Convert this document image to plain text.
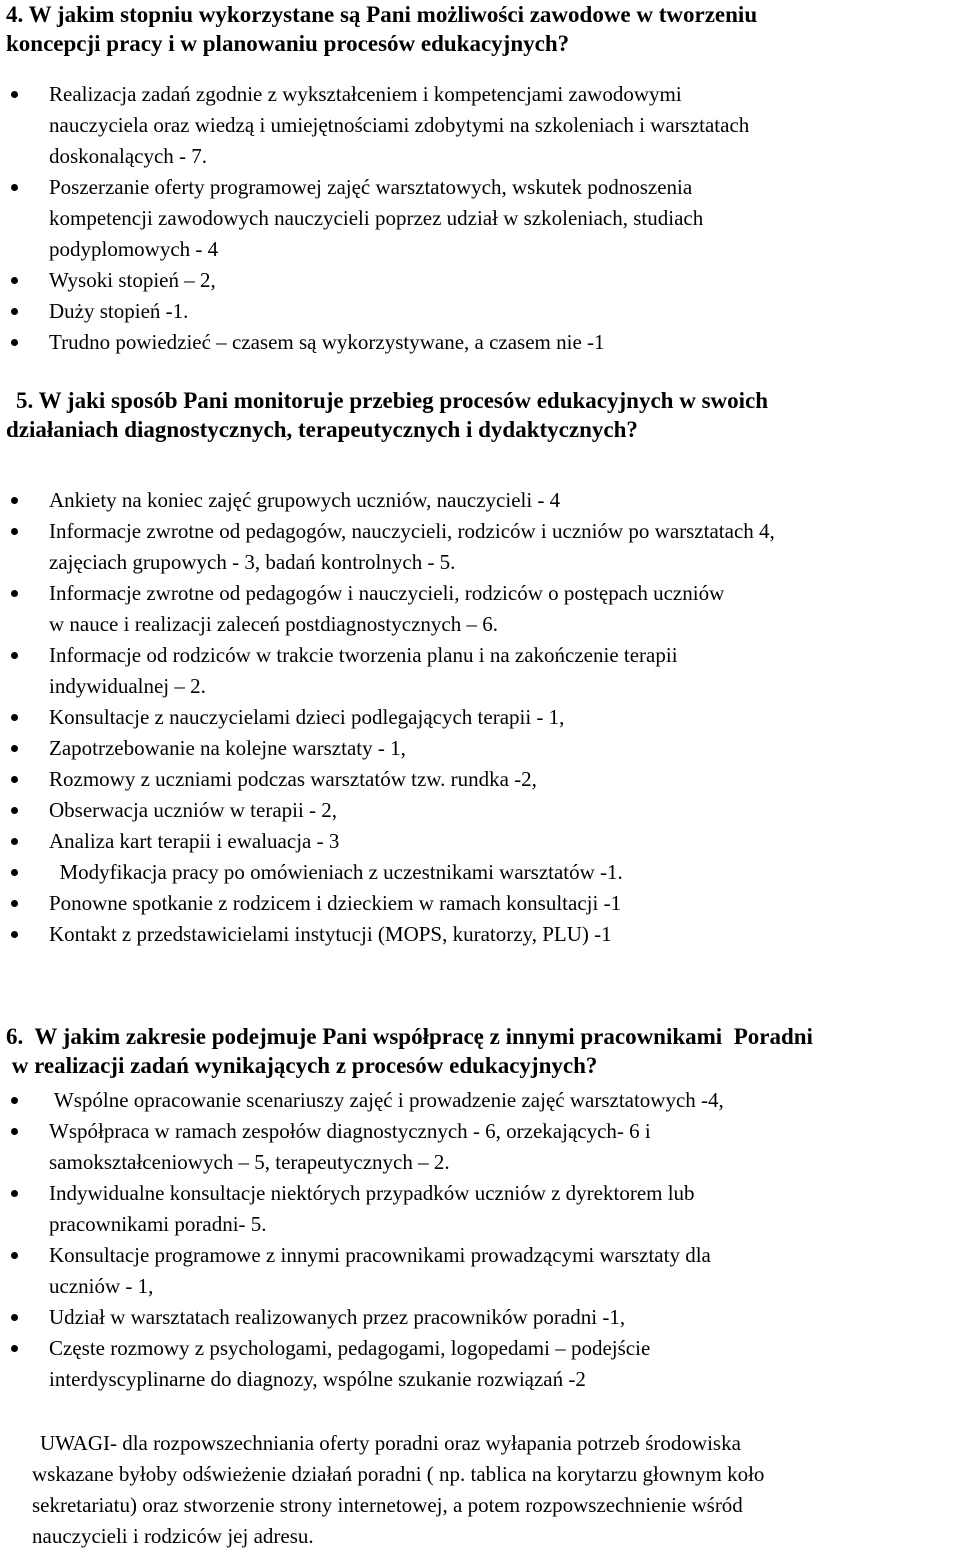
4. W jakim stopniu wykorzystane są Pani możliwości zawodowe w tworzeniu
koncepcji pracy i w planowaniu procesów edukacyjnych?
Realizacja zadań zgodnie z wykształceniem i kompetencjami zawodowymi
nauczyciela oraz wiedzą i umiejętnościami zdobytymi na szkoleniach i warsztatach
doskonalących - 7.
Poszerzanie oferty programowej zajęć warsztatowych, wskutek podnoszenia
kompetencji zawodowych nauczycieli poprzez udział w szkoleniach, studiach
podyplomowych - 4
Wysoki stopień – 2,
Duży stopień -1.
Trudno powiedzieć – czasem są wykorzystywane, a czasem nie -1
5. W jaki sposób Pani monitoruje przebieg procesów edukacyjnych w swoich
działaniach diagnostycznych, terapeutycznych i dydaktycznych?
Ankiety na koniec zajęć grupowych uczniów, nauczycieli - 4
Informacje zwrotne od pedagogów, nauczycieli, rodziców i uczniów po warsztatach 4,
zajęciach grupowych - 3, badań kontrolnych - 5.
Informacje zwrotne od pedagogów i nauczycieli, rodziców o postępach uczniów
w nauce i realizacji zaleceń postdiagnostycznych – 6.
Informacje od rodziców w trakcie tworzenia planu i na zakończenie terapii
indywidualnej – 2.
Konsultacje z nauczycielami dzieci podlegających terapii - 1,
Zapotrzebowanie na kolejne warsztaty - 1,
Rozmowy z uczniami podczas warsztatów tzw. rundka -2,
Obserwacja uczniów w terapii - 2,
Analiza kart terapii i ewaluacja - 3
Modyfikacja pracy po omówieniach z uczestnikami warsztatów -1.
Ponowne spotkanie z rodzicem i dzieckiem w ramach konsultacji -1
Kontakt z przedstawicielami instytucji (MOPS, kuratorzy, PLU) -1
6.  W jakim zakresie podejmuje Pani współpracę z innymi pracownikami  Poradni
w realizacji zadań wynikających z procesów edukacyjnych?
Wspólne opracowanie scenariuszy zajęć i prowadzenie zajęć warsztatowych -4,
Współpraca w ramach zespołów diagnostycznych - 6, orzekających- 6 i
samokształceniowych – 5, terapeutycznych – 2.
Indywidualne konsultacje niektórych przypadków uczniów z dyrektorem lub
pracownikami poradni- 5.
Konsultacje programowe z innymi pracownikami prowadzącymi warsztaty dla
uczniów - 1,
Udział w warsztatach realizowanych przez pracowników poradni -1,
Częste rozmowy z psychologami, pedagogami, logopedami – podejście
interdyscyplinarne do diagnozy, wspólne szukanie rozwiązań -2
UWAGI- dla rozpowszechniania oferty poradni oraz wyłapania potrzeb środowiska
wskazane byłoby odświeżenie działań poradni ( np. tablica na korytarzu głownym koło
sekretariatu) oraz stworzenie strony internetowej, a potem rozpowszechnienie wśród
nauczycieli i rodziców jej adresu.
